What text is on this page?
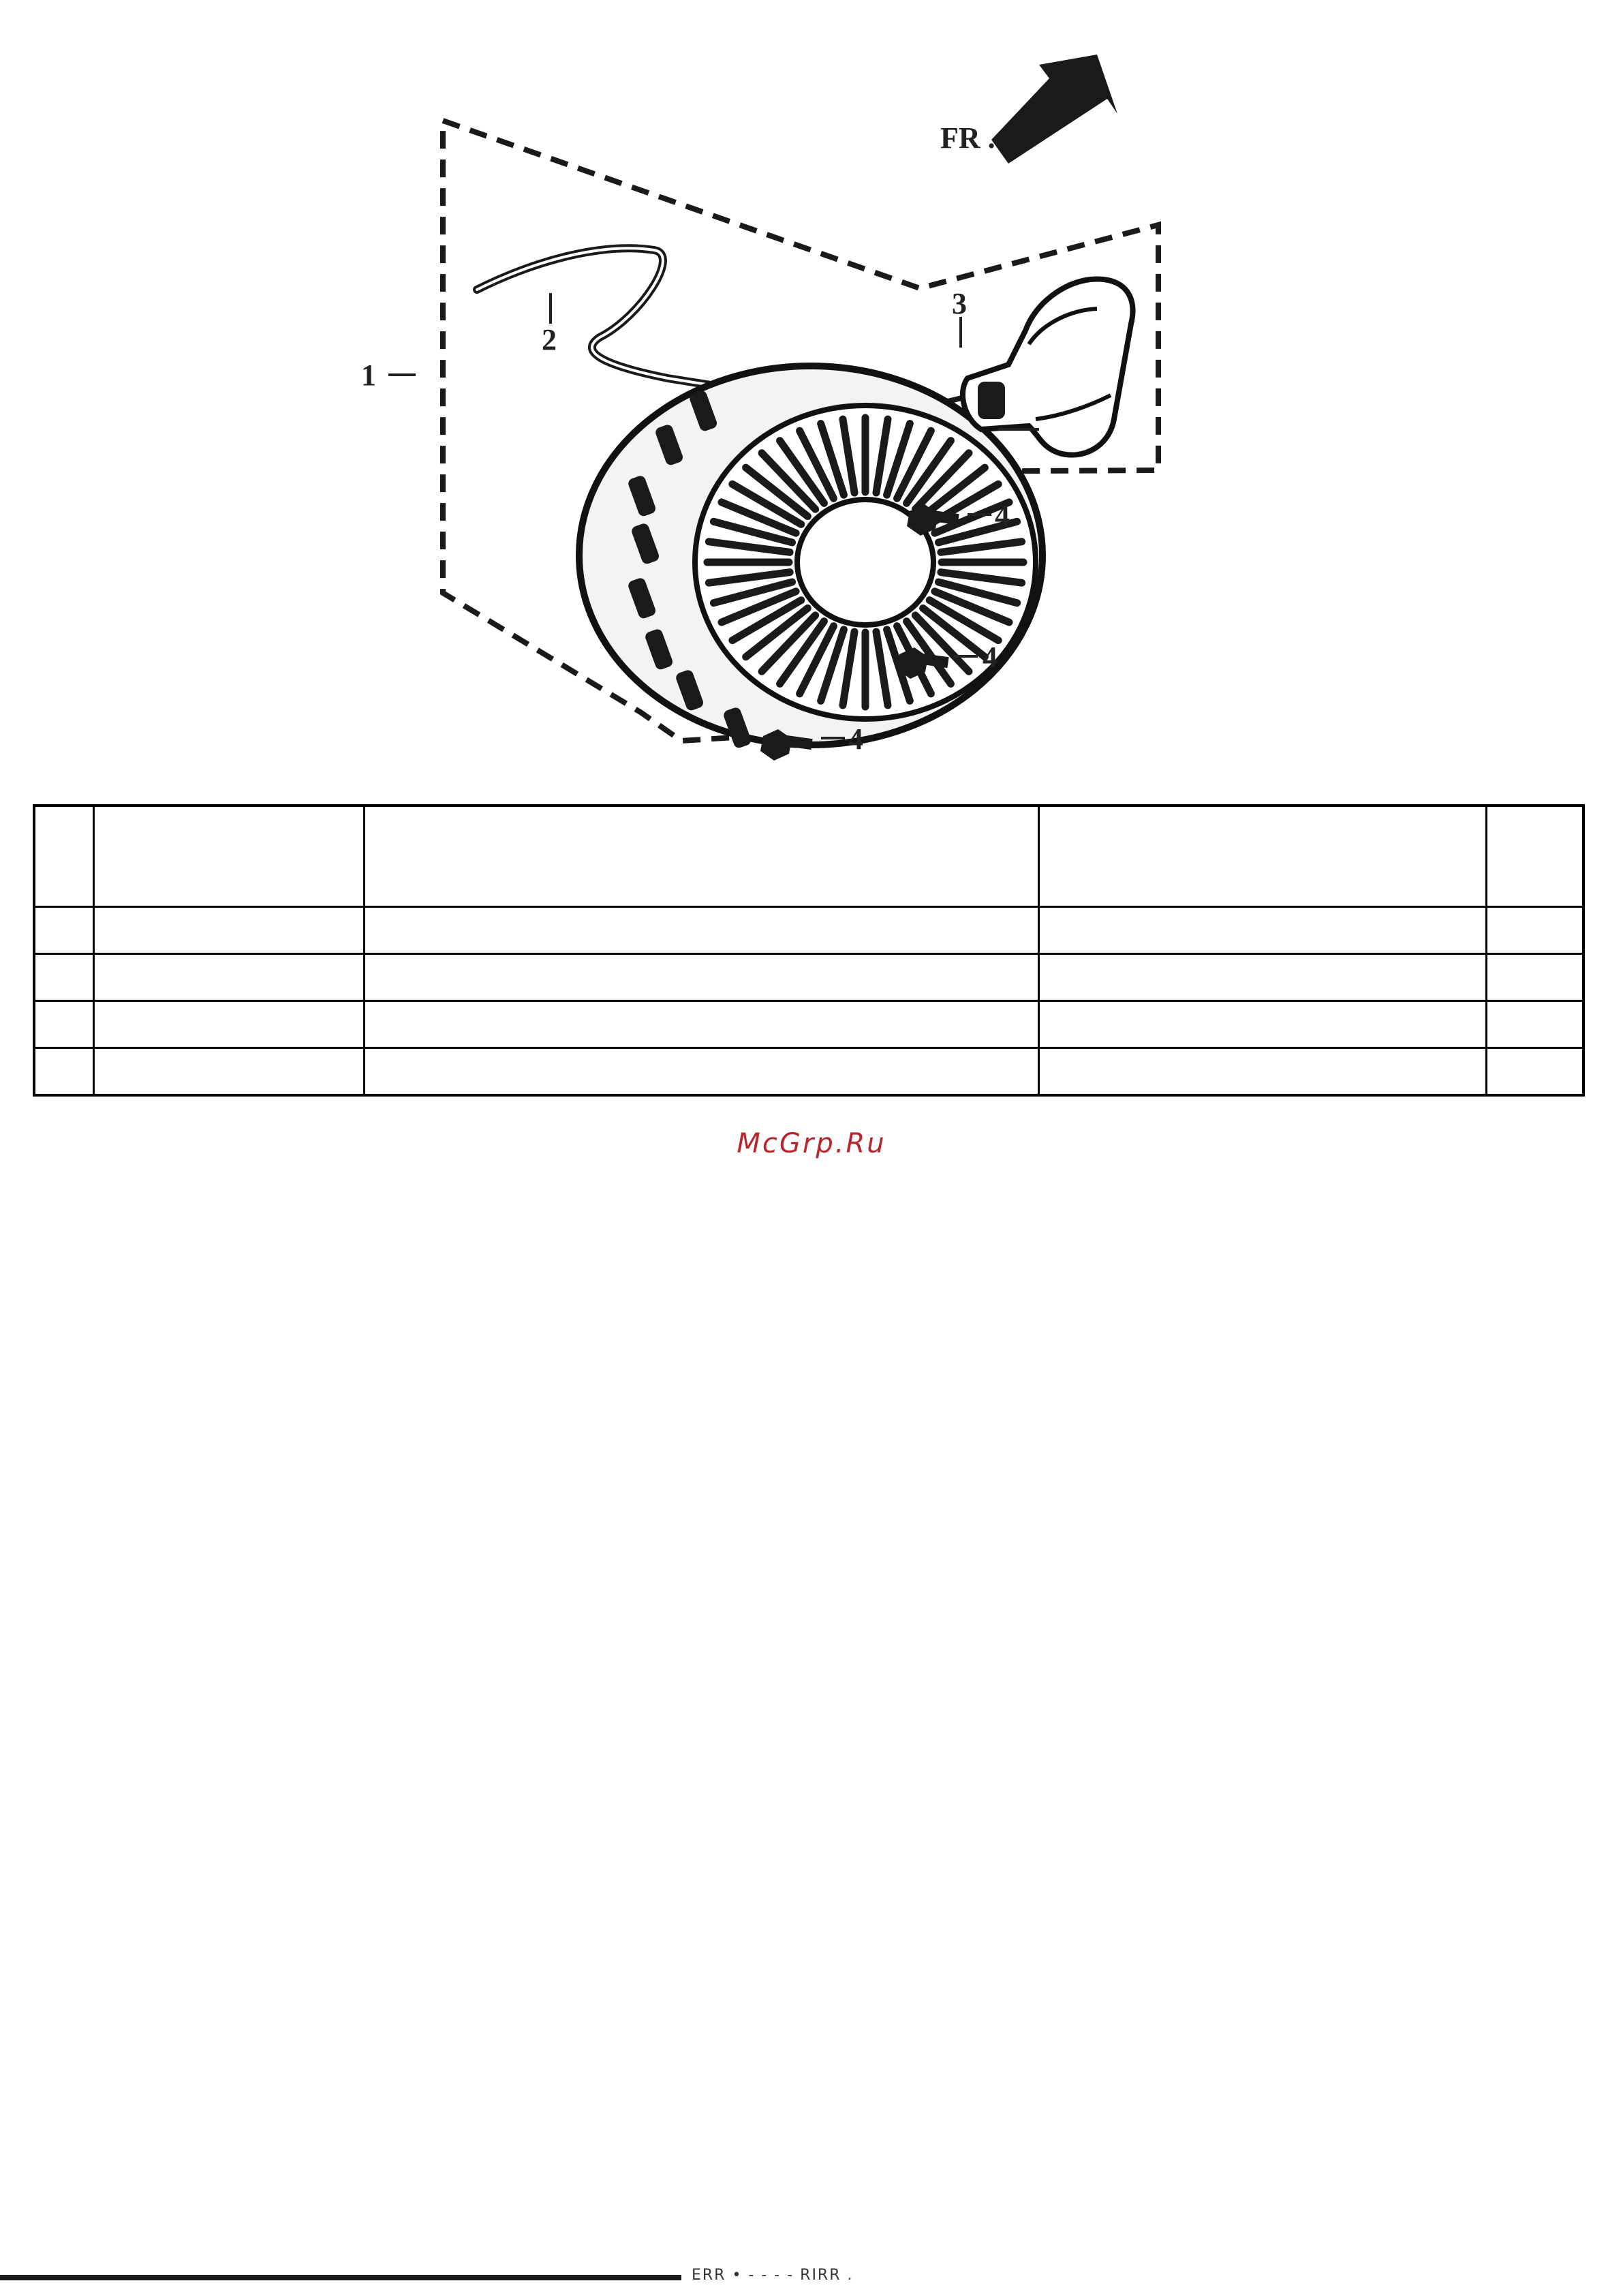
FR .
1
2
3
4
4
4

McGrp.Ru
ERR • - - - - RIRR .
